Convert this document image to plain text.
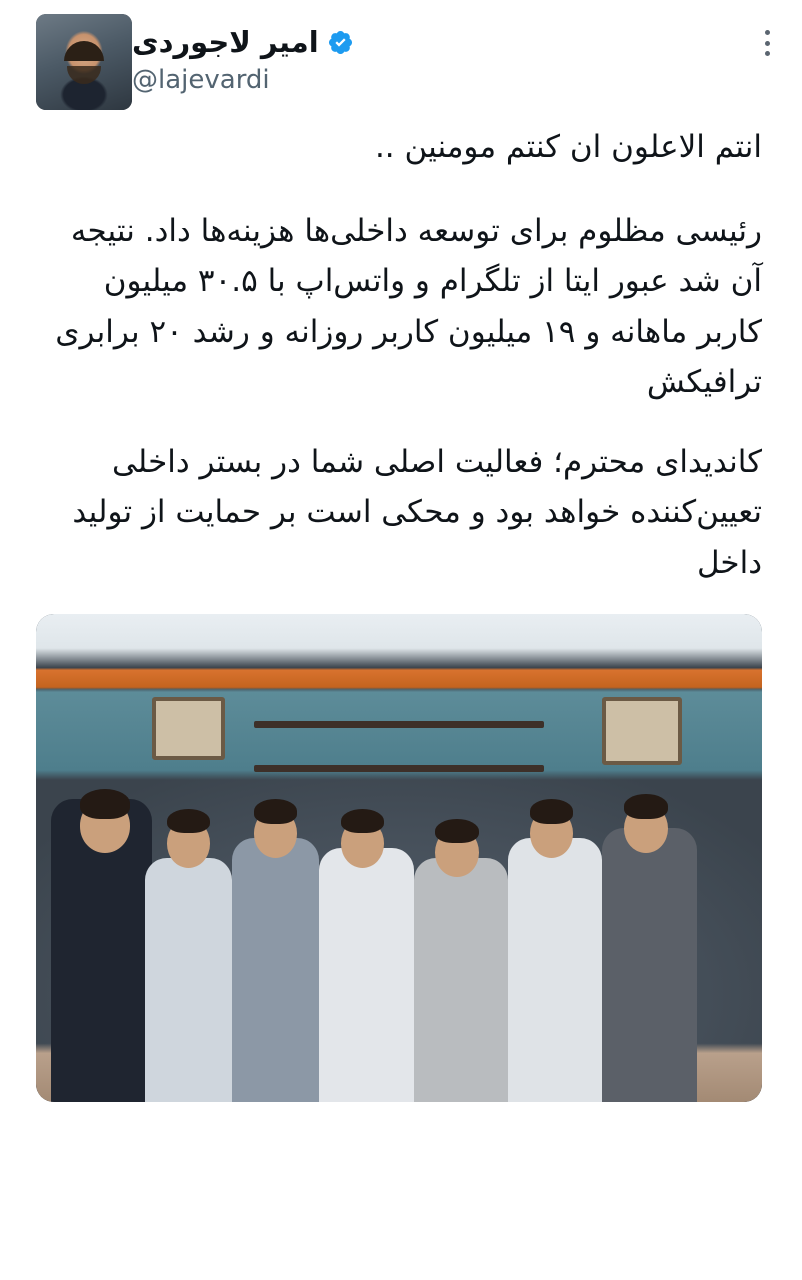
امیر لاجوردی
@lajevardi

انتم الاعلون ان کنتم مومنین ..

رئیسی مظلوم برای توسعه داخلی‌ها هزینه‌ها داد. نتیجه آن شد عبور ایتا از تلگرام و واتس‌اپ با ۳۰.۵ میلیون کاربر ماهانه و ۱۹ میلیون کاربر روزانه و رشد ۲۰ برابری ترافیکش

کاندیدای محترم؛ فعالیت اصلی شما در بستر داخلی تعیین‌کننده خواهد بود و محکی است بر حمایت از تولید داخل
